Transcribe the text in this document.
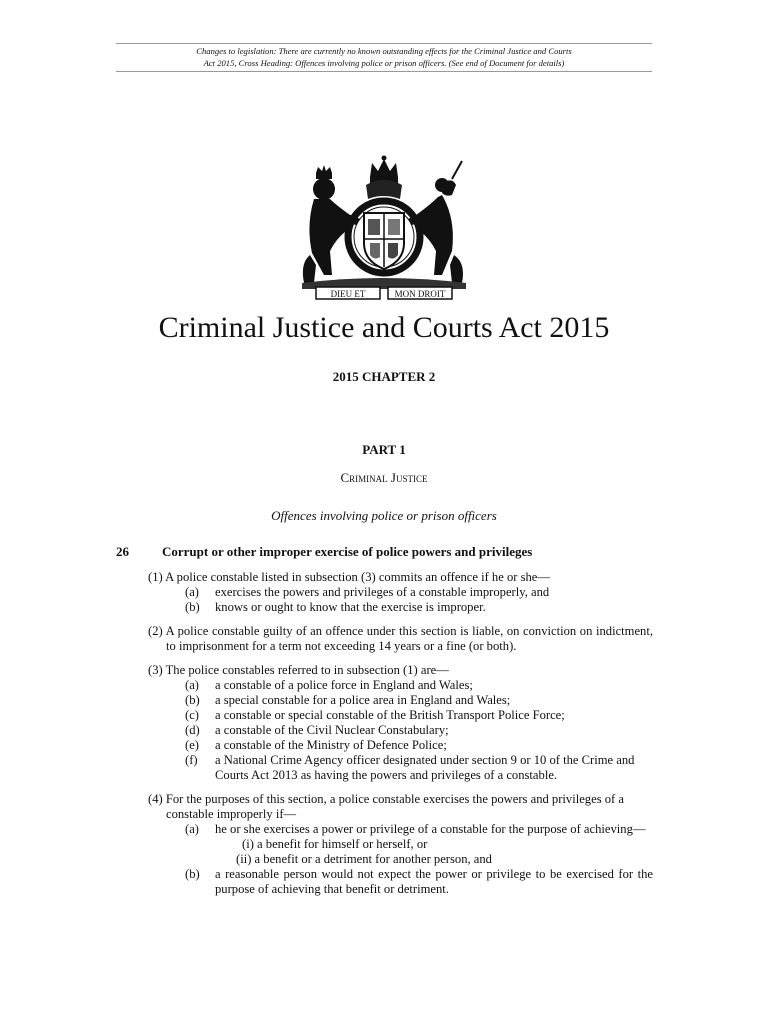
Changes to legislation: There are currently no known outstanding effects for the Criminal Justice and Courts
Act 2015, Cross Heading: Offences involving police or prison officers. (See end of Document for details)
DIEU ET	MON DROIT
Criminal Justice and Courts Act 2015
2015 CHAPTER 2
PART 1
Criminal Justice
Offences involving police or prison officers
26	Corrupt or other improper exercise of police powers and privileges
(1) A police constable listed in subsection (3) commits an offence if he or she—
(a)	exercises the powers and privileges of a constable improperly, and
(b)	knows or ought to know that the exercise is improper.
(2) A police constable guilty of an offence under this section is liable, on conviction on indictment, to imprisonment for a term not exceeding 14 years or a fine (or both).
(3) The police constables referred to in subsection (1) are—
(a)	a constable of a police force in England and Wales;
(b)	a special constable for a police area in England and Wales;
(c)	a constable or special constable of the British Transport Police Force;
(d)	a constable of the Civil Nuclear Constabulary;
(e)	a constable of the Ministry of Defence Police;
(f)	a National Crime Agency officer designated under section 9 or 10 of the Crime and Courts Act 2013 as having the powers and privileges of a constable.
(4) For the purposes of this section, a police constable exercises the powers and privileges of a constable improperly if—
(a)	he or she exercises a power or privilege of a constable for the purpose of achieving—
(i) a benefit for himself or herself, or
(ii) a benefit or a detriment for another person, and
(b)	a reasonable person would not expect the power or privilege to be exercised for the purpose of achieving that benefit or detriment.
